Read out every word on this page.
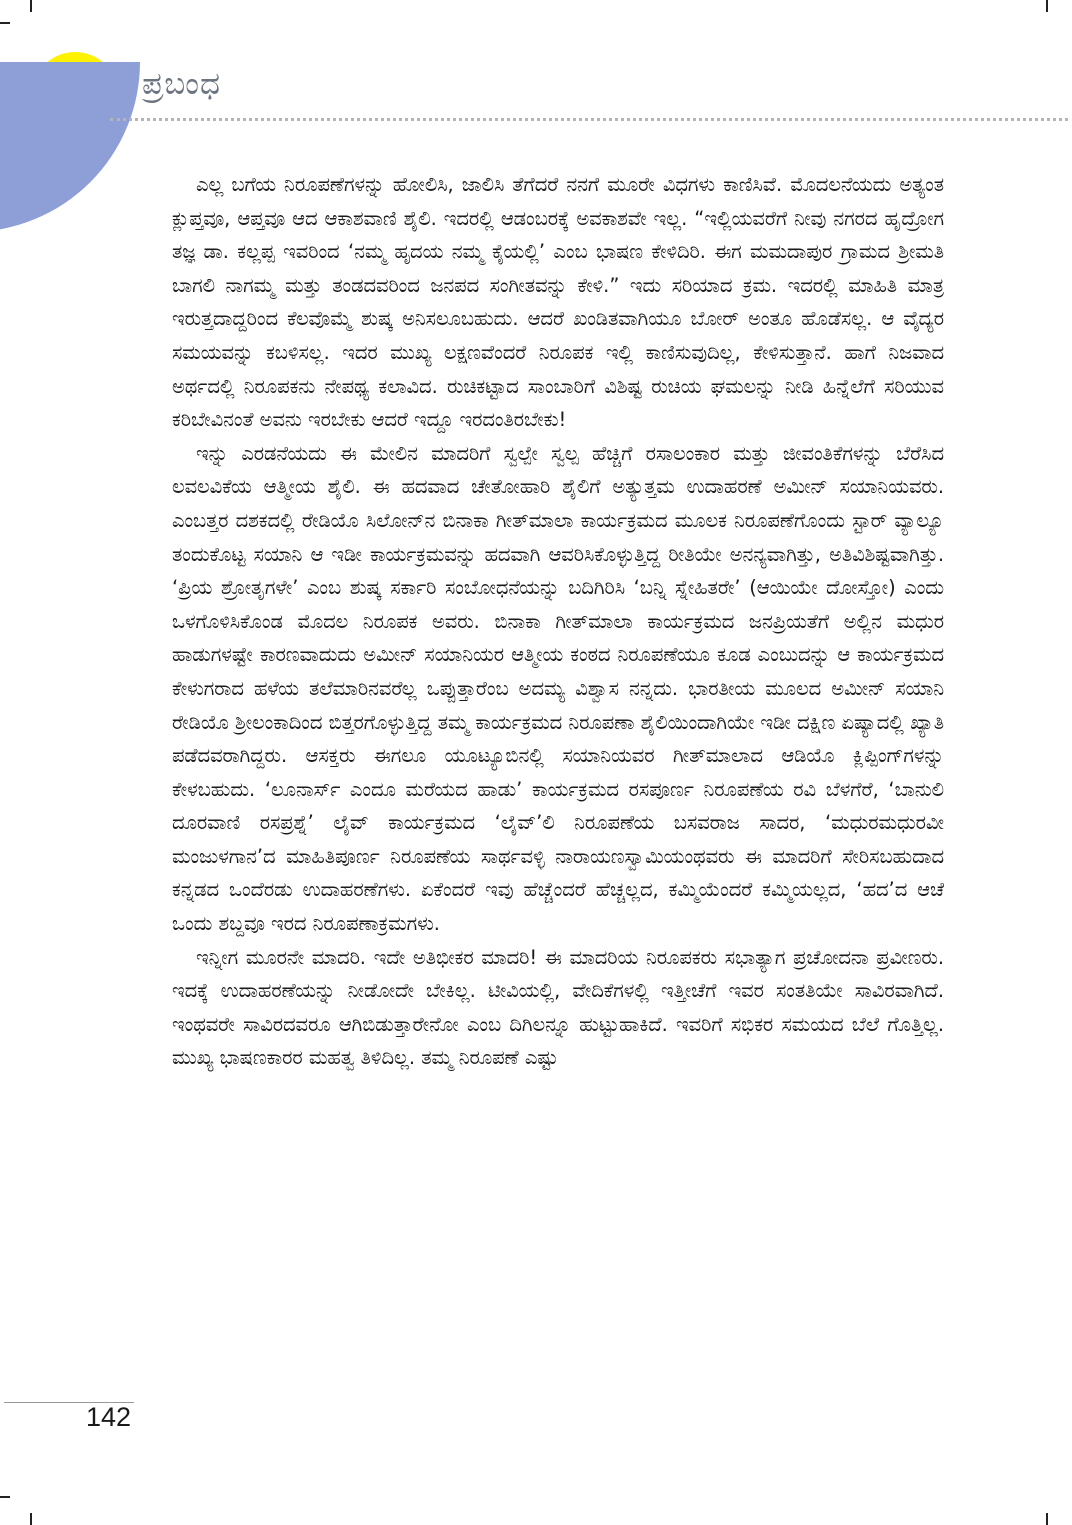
ಪ್ರಬಂಧ

ಎಲ್ಲ ಬಗೆಯ ನಿರೂಪಣೆಗಳನ್ನು ಹೋಲಿಸಿ, ಜಾಲಿಸಿ ತೆಗೆದರೆ ನನಗೆ ಮೂರೇ ವಿಧಗಳು ಕಾಣಿಸಿವೆ. ಮೊದಲನೆಯದು ಅತ್ಯಂತ ಕ್ಲುಪ್ತವೂ, ಆಪ್ತವೂ ಆದ ಆಕಾಶವಾಣಿ ಶೈಲಿ. ಇದರಲ್ಲಿ ಆಡಂಬರಕ್ಕೆ ಅವಕಾಶವೇ ಇಲ್ಲ. “ಇಲ್ಲಿಯವರೆಗೆ ನೀವು ನಗರದ ಹೃದ್ರೋಗ ತಜ್ಞ ಡಾ. ಕಲ್ಲಪ್ಪ ಇವರಿಂದ ‘ನಮ್ಮ ಹೃದಯ ನಮ್ಮ ಕೈಯಲ್ಲಿ’ ಎಂಬ ಭಾಷಣ ಕೇಳಿದಿರಿ. ಈಗ ಮಮದಾಪುರ ಗ್ರಾಮದ ಶ್ರೀಮತಿ ಬಾಗಲಿ ನಾಗಮ್ಮ ಮತ್ತು ತಂಡದವರಿಂದ ಜನಪದ ಸಂಗೀತವನ್ನು ಕೇಳಿ.” ಇದು ಸರಿಯಾದ ಕ್ರಮ. ಇದರಲ್ಲಿ ಮಾಹಿತಿ ಮಾತ್ರ ಇರುತ್ತದಾದ್ದರಿಂದ ಕೆಲವೊಮ್ಮೆ ಶುಷ್ಕ ಅನಿಸಲೂಬಹುದು. ಆದರೆ ಖಂಡಿತವಾಗಿಯೂ ಬೋರ್ ಅಂತೂ ಹೊಡೆಸಲ್ಲ. ಆ ವೈದ್ಯರ ಸಮಯವನ್ನು ಕಬಳಿಸಲ್ಲ. ಇದರ ಮುಖ್ಯ ಲಕ್ಷಣವೆಂದರೆ ನಿರೂಪಕ ಇಲ್ಲಿ ಕಾಣಿಸುವುದಿಲ್ಲ, ಕೇಳಿಸುತ್ತಾನೆ. ಹಾಗೆ ನಿಜವಾದ ಅರ್ಥದಲ್ಲಿ ನಿರೂಪಕನು ನೇಪಥ್ಯ ಕಲಾವಿದ. ರುಚಿಕಟ್ಟಾದ ಸಾಂಬಾರಿಗೆ ವಿಶಿಷ್ಟ ರುಚಿಯ ಘಮಲನ್ನು ನೀಡಿ ಹಿನ್ನೆಲೆಗೆ ಸರಿಯುವ ಕರಿಬೇವಿನಂತೆ ಅವನು ಇರಬೇಕು ಆದರೆ ಇದ್ದೂ ಇರದಂತಿರಬೇಕು!

ಇನ್ನು ಎರಡನೆಯದು ಈ ಮೇಲಿನ ಮಾದರಿಗೆ ಸ್ವಲ್ಪೇ ಸ್ವಲ್ಪ ಹೆಚ್ಚಿಗೆ ರಸಾಲಂಕಾರ ಮತ್ತು ಜೀವಂತಿಕೆಗಳನ್ನು ಬೆರೆಸಿದ ಲವಲವಿಕೆಯ ಆತ್ಮೀಯ ಶೈಲಿ. ಈ ಹದವಾದ ಚೇತೋಹಾರಿ ಶೈಲಿಗೆ ಅತ್ಯುತ್ತಮ ಉದಾಹರಣೆ ಅಮೀನ್ ಸಯಾನಿಯವರು. ಎಂಬತ್ತರ ದಶಕದಲ್ಲಿ ರೇಡಿಯೊ ಸಿಲೋನ್‌ನ ಬಿನಾಕಾ ಗೀತ್‌ಮಾಲಾ ಕಾರ್ಯಕ್ರಮದ ಮೂಲಕ ನಿರೂಪಣೆಗೊಂದು ಸ್ಟಾರ್ ವ್ಯಾಲ್ಯೂ ತಂದುಕೊಟ್ಟ ಸಯಾನಿ ಆ ಇಡೀ ಕಾರ್ಯಕ್ರಮವನ್ನು ಹದವಾಗಿ ಆವರಿಸಿಕೊಳ್ಳುತ್ತಿದ್ದ ರೀತಿಯೇ ಅನನ್ಯವಾಗಿತ್ತು, ಅತಿವಿಶಿಷ್ಟವಾಗಿತ್ತು. ‘ಪ್ರಿಯ ಶ್ರೋತೃಗಳೇ’ ಎಂಬ ಶುಷ್ಕ ಸರ್ಕಾರಿ ಸಂಬೋಧನೆಯನ್ನು ಬದಿಗಿರಿಸಿ ‘ಬನ್ನಿ ಸ್ನೇಹಿತರೇ’ (ಆಯಿಯೇ ದೋಸ್ತೋ) ಎಂದು ಒಳಗೊಳಿಸಿಕೊಂಡ ಮೊದಲ ನಿರೂಪಕ ಅವರು. ಬಿನಾಕಾ ಗೀತ್‌ಮಾಲಾ ಕಾರ್ಯಕ್ರಮದ ಜನಪ್ರಿಯತೆಗೆ ಅಲ್ಲಿನ ಮಧುರ ಹಾಡುಗಳಷ್ಟೇ ಕಾರಣವಾದುದು ಅಮೀನ್ ಸಯಾನಿಯರ ಆತ್ಮೀಯ ಕಂಠದ ನಿರೂಪಣೆಯೂ ಕೂಡ ಎಂಬುದನ್ನು ಆ ಕಾರ್ಯಕ್ರಮದ ಕೇಳುಗರಾದ ಹಳೆಯ ತಲೆಮಾರಿನವರೆಲ್ಲ ಒಪ್ಪುತ್ತಾರೆಂಬ ಅದಮ್ಯ ವಿಶ್ವಾಸ ನನ್ನದು. ಭಾರತೀಯ ಮೂಲದ ಅಮೀನ್ ಸಯಾನಿ ರೇಡಿಯೊ ಶ್ರೀಲಂಕಾದಿಂದ ಬಿತ್ತರಗೊಳ್ಳುತ್ತಿದ್ದ ತಮ್ಮ ಕಾರ್ಯಕ್ರಮದ ನಿರೂಪಣಾ ಶೈಲಿಯಿಂದಾಗಿಯೇ ಇಡೀ ದಕ್ಷಿಣ ಏಷ್ಯಾದಲ್ಲಿ ಖ್ಯಾತಿ ಪಡೆದವರಾಗಿದ್ದರು. ಆಸಕ್ತರು ಈಗಲೂ ಯೂಟ್ಯೂಬಿನಲ್ಲಿ ಸಯಾನಿಯವರ ಗೀತ್‌ಮಾಲಾದ ಆಡಿಯೊ ಕ್ಲಿಪ್ಪಿಂಗ್‌ಗಳನ್ನು ಕೇಳಬಹುದು. ‘ಲೂನಾರ್ಸ್ ಎಂದೂ ಮರೆಯದ ಹಾಡು’ ಕಾರ್ಯಕ್ರಮದ ರಸಪೂರ್ಣ ನಿರೂಪಣೆಯ ರವಿ ಬೆಳಗೆರೆ, ‘ಬಾನುಲಿ ದೂರವಾಣಿ ರಸಪ್ರಶ್ನೆ’ ಲೈವ್ ಕಾರ್ಯಕ್ರಮದ ‘ಲೈವ್’ಲಿ ನಿರೂಪಣೆಯ ಬಸವರಾಜ ಸಾದರ, ‘ಮಧುರಮಧುರವೀ ಮಂಜುಳಗಾನ’ದ ಮಾಹಿತಿಪೂರ್ಣ ನಿರೂಪಣೆಯ ಸಾರ್ಥವಳ್ಳಿ ನಾರಾಯಣಸ್ವಾಮಿಯಂಥವರು ಈ ಮಾದರಿಗೆ ಸೇರಿಸಬಹುದಾದ ಕನ್ನಡದ ಒಂದೆರಡು ಉದಾಹರಣೆಗಳು. ಏಕೆಂದರೆ ಇವು ಹೆಚ್ಚೆಂದರೆ ಹೆಚ್ಚಲ್ಲದ, ಕಮ್ಮಿಯೆಂದರೆ ಕಮ್ಮಿಯಲ್ಲದ, ‘ಹದ’ದ ಆಚೆ ಒಂದು ಶಬ್ದವೂ ಇರದ ನಿರೂಪಣಾಕ್ರಮಗಳು.

ಇನ್ನೀಗ ಮೂರನೇ ಮಾದರಿ. ಇದೇ ಅತಿಭೀಕರ ಮಾದರಿ! ಈ ಮಾದರಿಯ ನಿರೂಪಕರು ಸಭಾತ್ಯಾಗ ಪ್ರಚೋದನಾ ಪ್ರವೀಣರು. ಇದಕ್ಕೆ ಉದಾಹರಣೆಯನ್ನು ನೀಡೋದೇ ಬೇಕಿಲ್ಲ. ಟೀವಿಯಲ್ಲಿ, ವೇದಿಕೆಗಳಲ್ಲಿ ಇತ್ತೀಚೆಗೆ ಇವರ ಸಂತತಿಯೇ ಸಾವಿರವಾಗಿದೆ. ಇಂಥವರೇ ಸಾವಿರದವರೂ ಆಗಿಬಿಡುತ್ತಾರೇನೋ ಎಂಬ ದಿಗಿಲನ್ನೂ ಹುಟ್ಟುಹಾಕಿದೆ. ಇವರಿಗೆ ಸಭಿಕರ ಸಮಯದ ಬೆಲೆ ಗೊತ್ತಿಲ್ಲ. ಮುಖ್ಯ ಭಾಷಣಕಾರರ ಮಹತ್ವ ತಿಳಿದಿಲ್ಲ. ತಮ್ಮ ನಿರೂಪಣೆ ಎಷ್ಟು

142
